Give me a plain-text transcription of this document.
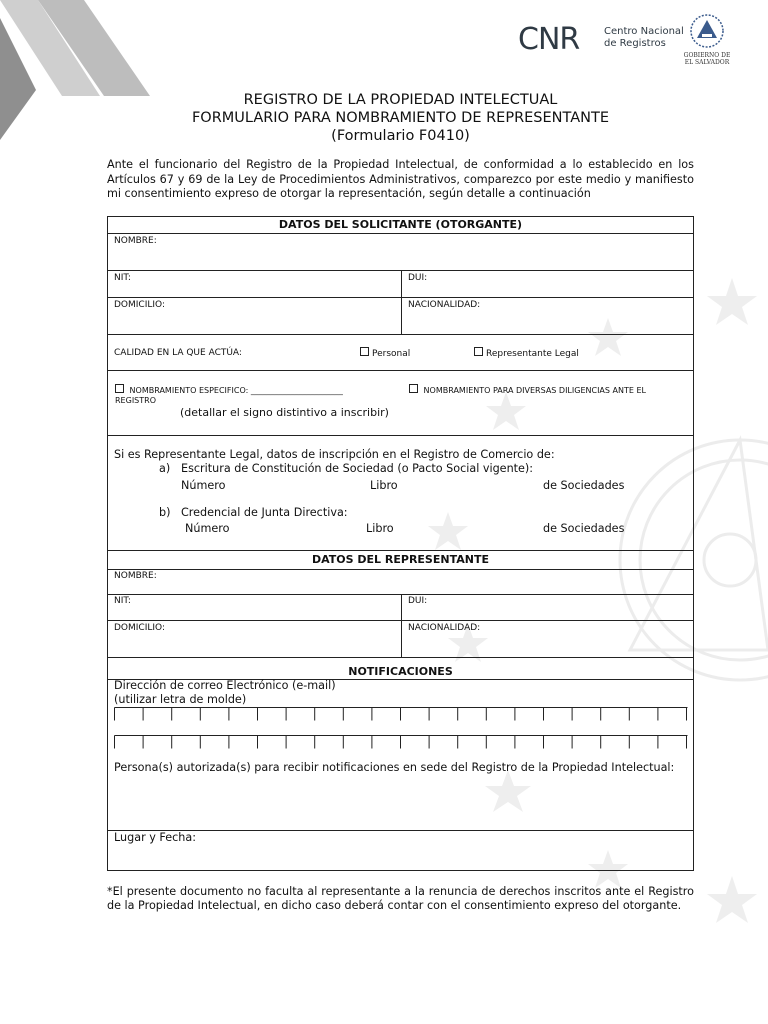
CNR Centro Nacional
de Registros
GOBIERNO DE
EL SALVADOR
REGISTRO DE LA PROPIEDAD INTELECTUAL
FORMULARIO PARA NOMBRAMIENTO DE REPRESENTANTE
(Formulario F0410)
Ante el funcionario del Registro de la Propiedad Intelectual, de conformidad a lo establecido en los Artículos 67 y 69 de la Ley de Procedimientos Administrativos, comparezco por este medio y manifiesto mi consentimiento expreso de otorgar la representación, según detalle a continuación
DATOS DEL SOLICITANTE (OTORGANTE)
NOMBRE:
NIT:	DUI:
DOMICILIO:	NACIONALIDAD:
CALIDAD EN LA QUE ACTÚA:	Personal	Representante Legal
NOMBRAMIENTO ESPECIFICO: _______________________	NOMBRAMIENTO PARA DIVERSAS DILIGENCIAS ANTE EL
REGISTRO
(detallar el signo distintivo a inscribir)
Si es Representante Legal, datos de inscripción en el Registro de Comercio de:
a) Escritura de Constitución de Sociedad (o Pacto Social vigente):
Número	Libro	de Sociedades
b) Credencial de Junta Directiva:
Número	Libro	de Sociedades
DATOS DEL REPRESENTANTE
NOMBRE:
NIT:	DUI:
DOMICILIO:	NACIONALIDAD:
NOTIFICACIONES
Dirección de correo Electrónico (e-mail)
(utilizar letra de molde)
Persona(s) autorizada(s) para recibir notificaciones en sede del Registro de la Propiedad Intelectual:
Lugar y Fecha:
*El presente documento no faculta al representante a la renuncia de derechos inscritos ante el Registro de la Propiedad Intelectual, en dicho caso deberá contar con el consentimiento expreso del otorgante.
